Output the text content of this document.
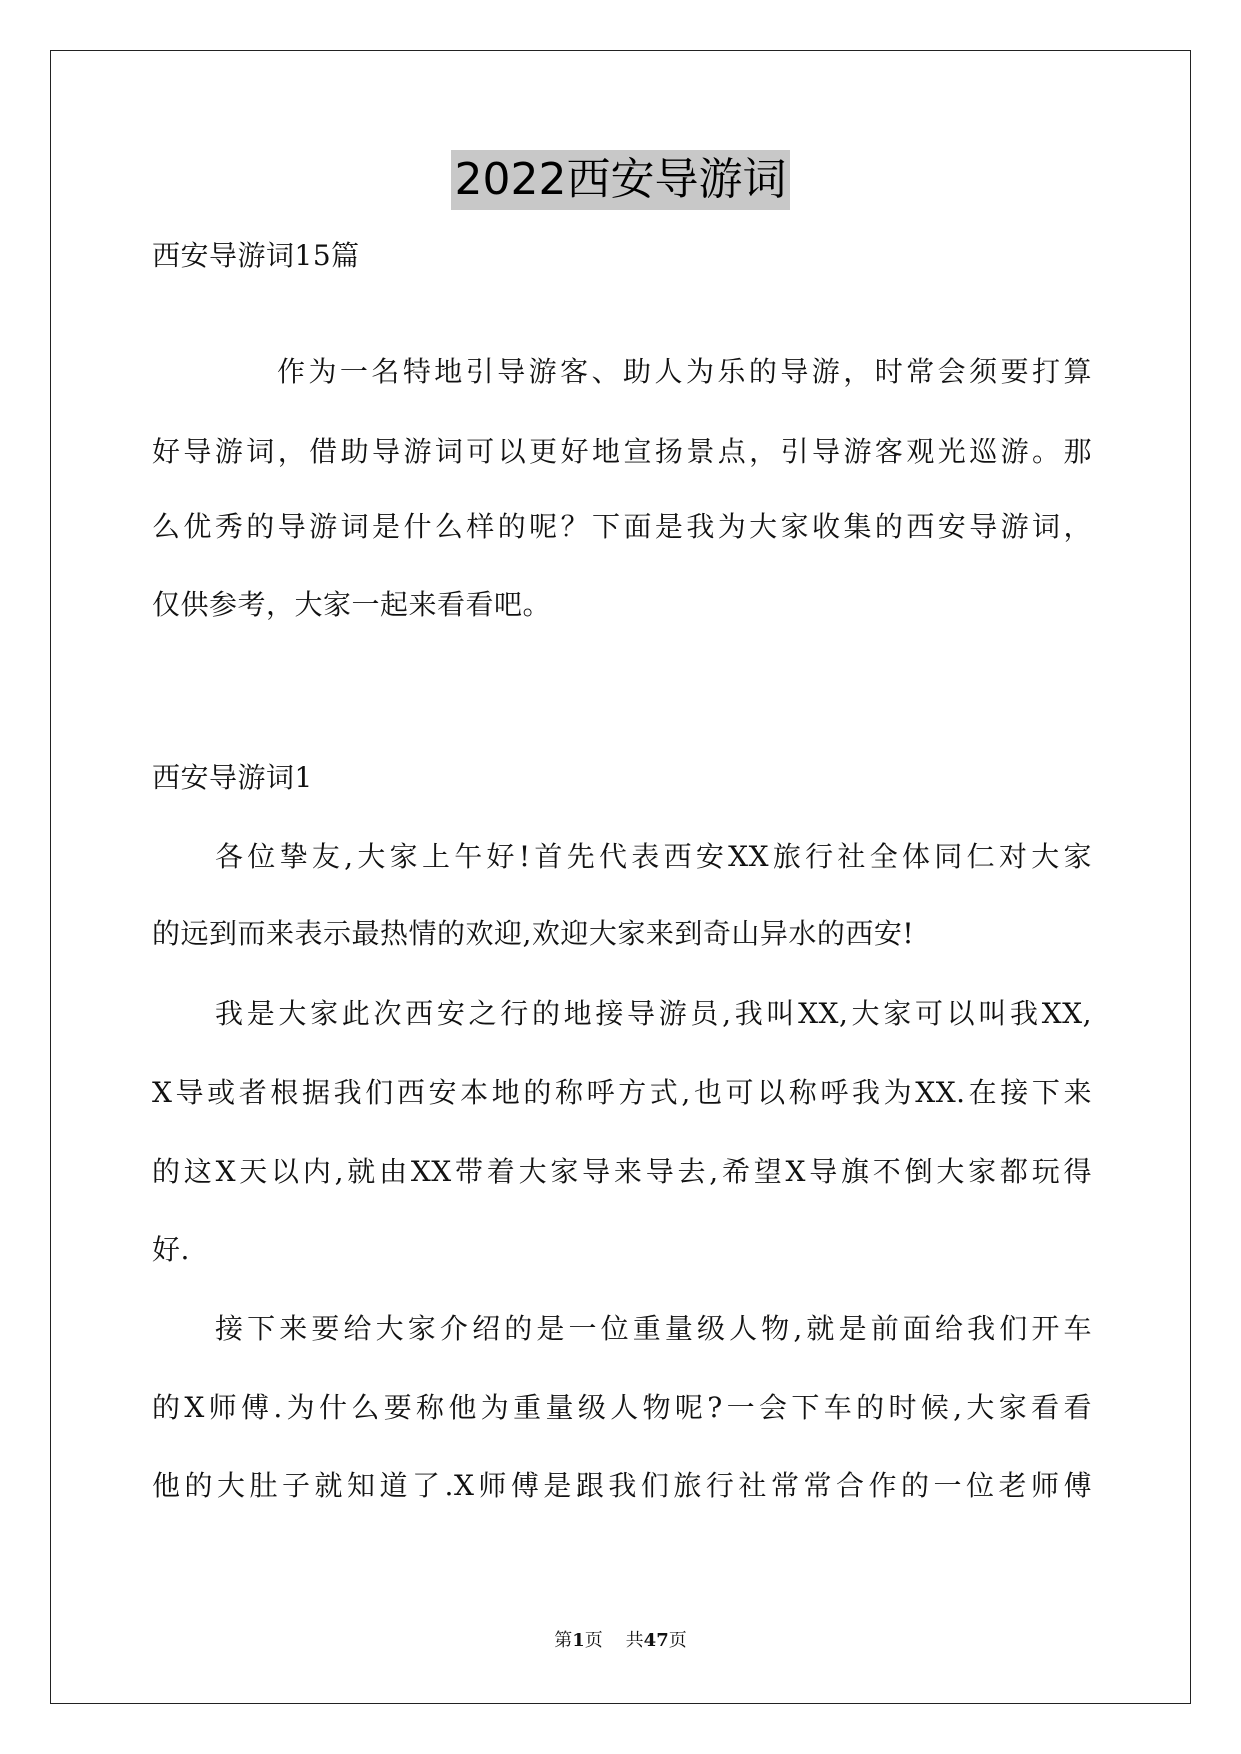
2022西安导游词
西安导游词15篇
作为一名特地引导游客、助人为乐的导游，时常会须要打算
好导游词，借助导游词可以更好地宣扬景点，引导游客观光巡游。那
么优秀的导游词是什么样的呢？下面是我为大家收集的西安导游词，
仅供参考，大家一起来看看吧。
西安导游词1
各位挚友,大家上午好!首先代表西安XX旅行社全体同仁对大家
的远到而来表示最热情的欢迎,欢迎大家来到奇山异水的西安!
我是大家此次西安之行的地接导游员,我叫XX,大家可以叫我XX,
X导或者根据我们西安本地的称呼方式,也可以称呼我为XX.在接下来
的这X天以内,就由XX带着大家导来导去,希望X导旗不倒大家都玩得
好.
接下来要给大家介绍的是一位重量级人物,就是前面给我们开车
的X师傅.为什么要称他为重量级人物呢?一会下车的时候,大家看看
他的大肚子就知道了.X师傅是跟我们旅行社常常合作的一位老师傅
第1页 共47页
